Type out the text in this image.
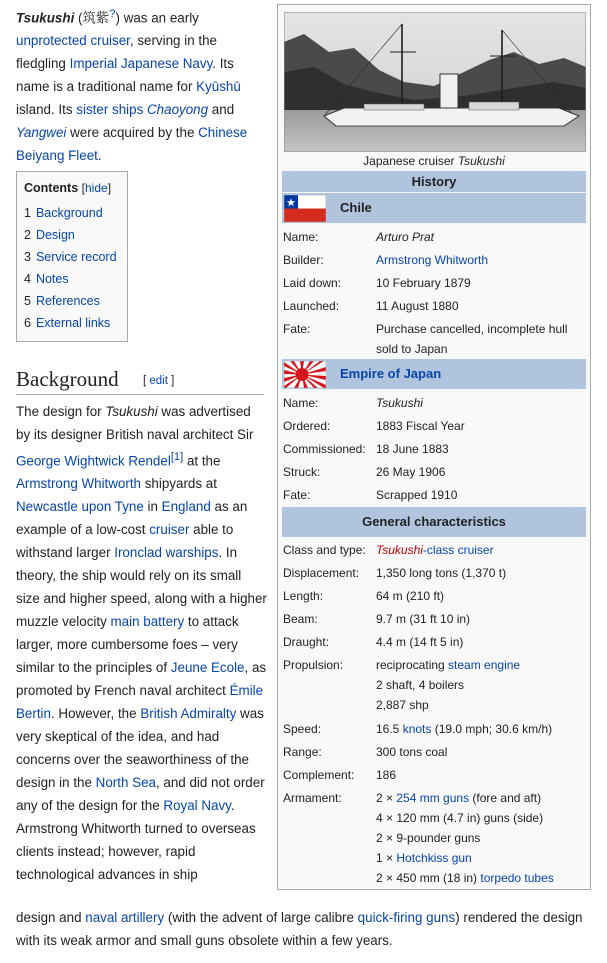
Tsukushi (筑紫?) was an early unprotected cruiser, serving in the fledgling Imperial Japanese Navy. Its name is a traditional name for Kyūshū island. Its sister ships Chaoyong and Yangwei were acquired by the Chinese Beiyang Fleet.

Contents [hide]
1 Background
2 Design
3 Service record
4 Notes
5 References
6 External links
Background [ edit ]

The design for Tsukushi was advertised by its designer British naval architect Sir George Wightwick Rendel[1] at the Armstrong Whitworth shipyards at Newcastle upon Tyne in England as an example of a low-cost cruiser able to withstand larger Ironclad warships. In theory, the ship would rely on its small size and higher speed, along with a higher muzzle velocity main battery to attack larger, more cumbersome foes – very similar to the principles of Jeune Ecole, as promoted by French naval architect Émile Bertin. However, the British Admiralty was very skeptical of the idea, and had concerns over the seaworthiness of the design in the North Sea, and did not order any of the design for the Royal Navy. Armstrong Whitworth turned to overseas clients instead; however, rapid technological advances in ship

design and naval artillery (with the advent of large calibre quick-firing guns) rendered the design with its weak armor and small guns obsolete within a few years.

Japanese cruiser Tsukushi
History
Chile
Name:	Arturo Prat
Builder:	Armstrong Whitworth
Laid down:	10 February 1879
Launched:	11 August 1880
Fate:	Purchase cancelled, incomplete hull sold to Japan
Empire of Japan
Name:	Tsukushi
Ordered:	1883 Fiscal Year
Commissioned: 18 June 1883
Struck:	26 May 1906
Fate:	Scrapped 1910
General characteristics
Class and type: Tsukushi-class cruiser
Displacement:	1,350 long tons (1,370 t)
Length:	64 m (210 ft)
Beam:	9.7 m (31 ft 10 in)
Draught:	4.4 m (14 ft 5 in)
Propulsion:	reciprocating steam engine
2 shaft, 4 boilers
2,887 shp
Speed:	16.5 knots (19.0 mph; 30.6 km/h)
Range:	300 tons coal
Complement:	186
Armament:	2 × 254 mm guns (fore and aft)
4 × 120 mm (4.7 in) guns (side)
2 × 9-pounder guns
1 × Hotchkiss gun
2 × 450 mm (18 in) torpedo tubes
